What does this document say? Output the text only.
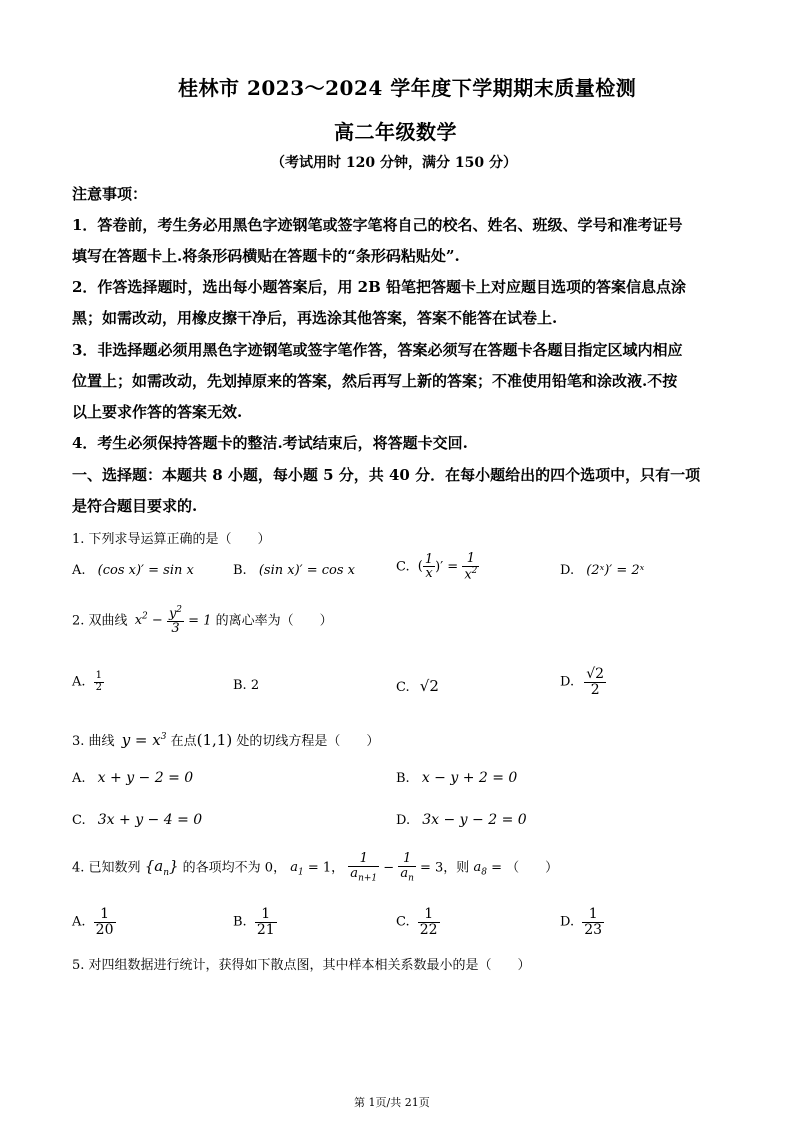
桂林市 2023～2024 学年度下学期期末质量检测
高二年级数学
（考试用时 120 分钟，满分 150 分）
注意事项：
1．答卷前，考生务必用黑色字迹钢笔或签字笔将自己的校名、姓名、班级、学号和准考证号
填写在答题卡上.将条形码横贴在答题卡的“条形码粘贴处”.
2．作答选择题时，选出每小题答案后，用 2B 铅笔把答题卡上对应题目选项的答案信息点涂
黑；如需改动，用橡皮擦干净后，再选涂其他答案，答案不能答在试卷上.
3．非选择题必须用黑色字迹钢笔或签字笔作答，答案必须写在答题卡各题目指定区域内相应
位置上；如需改动，先划掉原来的答案，然后再写上新的答案；不准使用铅笔和涂改液.不按
以上要求作答的答案无效.
4．考生必须保持答题卡的整洁.考试结束后，将答题卡交回.
一、选择题：本题共 8 小题，每小题 5 分，共 40 分．在每小题给出的四个选项中，只有一项
是符合题目要求的.
1. 下列求导运算正确的是（　　）
A. (cos x)′ = sin x	B. (sin x)′ = cos x	C. ( $\frac{1}{x}$ )′ = $\frac{1}{x^2}$	D. (2ˣ)′ = 2ˣ
2. 双曲线 $x^2 - \frac{y^2}{3} = 1$ 的离心率为（　　）
A. $\frac{1}{2}$	B. 2	C. √2	D. $\frac{√2}{2}$
3. 曲线 $y = x^3$ 在点(1,1) 处的切线方程是（　　）
A. x + y − 2 = 0	B. x − y + 2 = 0
C. 3x + y − 4 = 0	D. 3x − y − 2 = 0
4. 已知数列 $\{a_n\}$ 的各项均不为 0， $a_1 = 1$， $\frac{1}{a_{n+1}} - \frac{1}{a_n} = 3$，则 $a_8$ = （　　）
A. $\frac{1}{20}$	B. $\frac{1}{21}$	C. $\frac{1}{22}$	D. $\frac{1}{23}$
5. 对四组数据进行统计，获得如下散点图，其中样本相关系数最小的是（　　）
第 1页/共 21页
